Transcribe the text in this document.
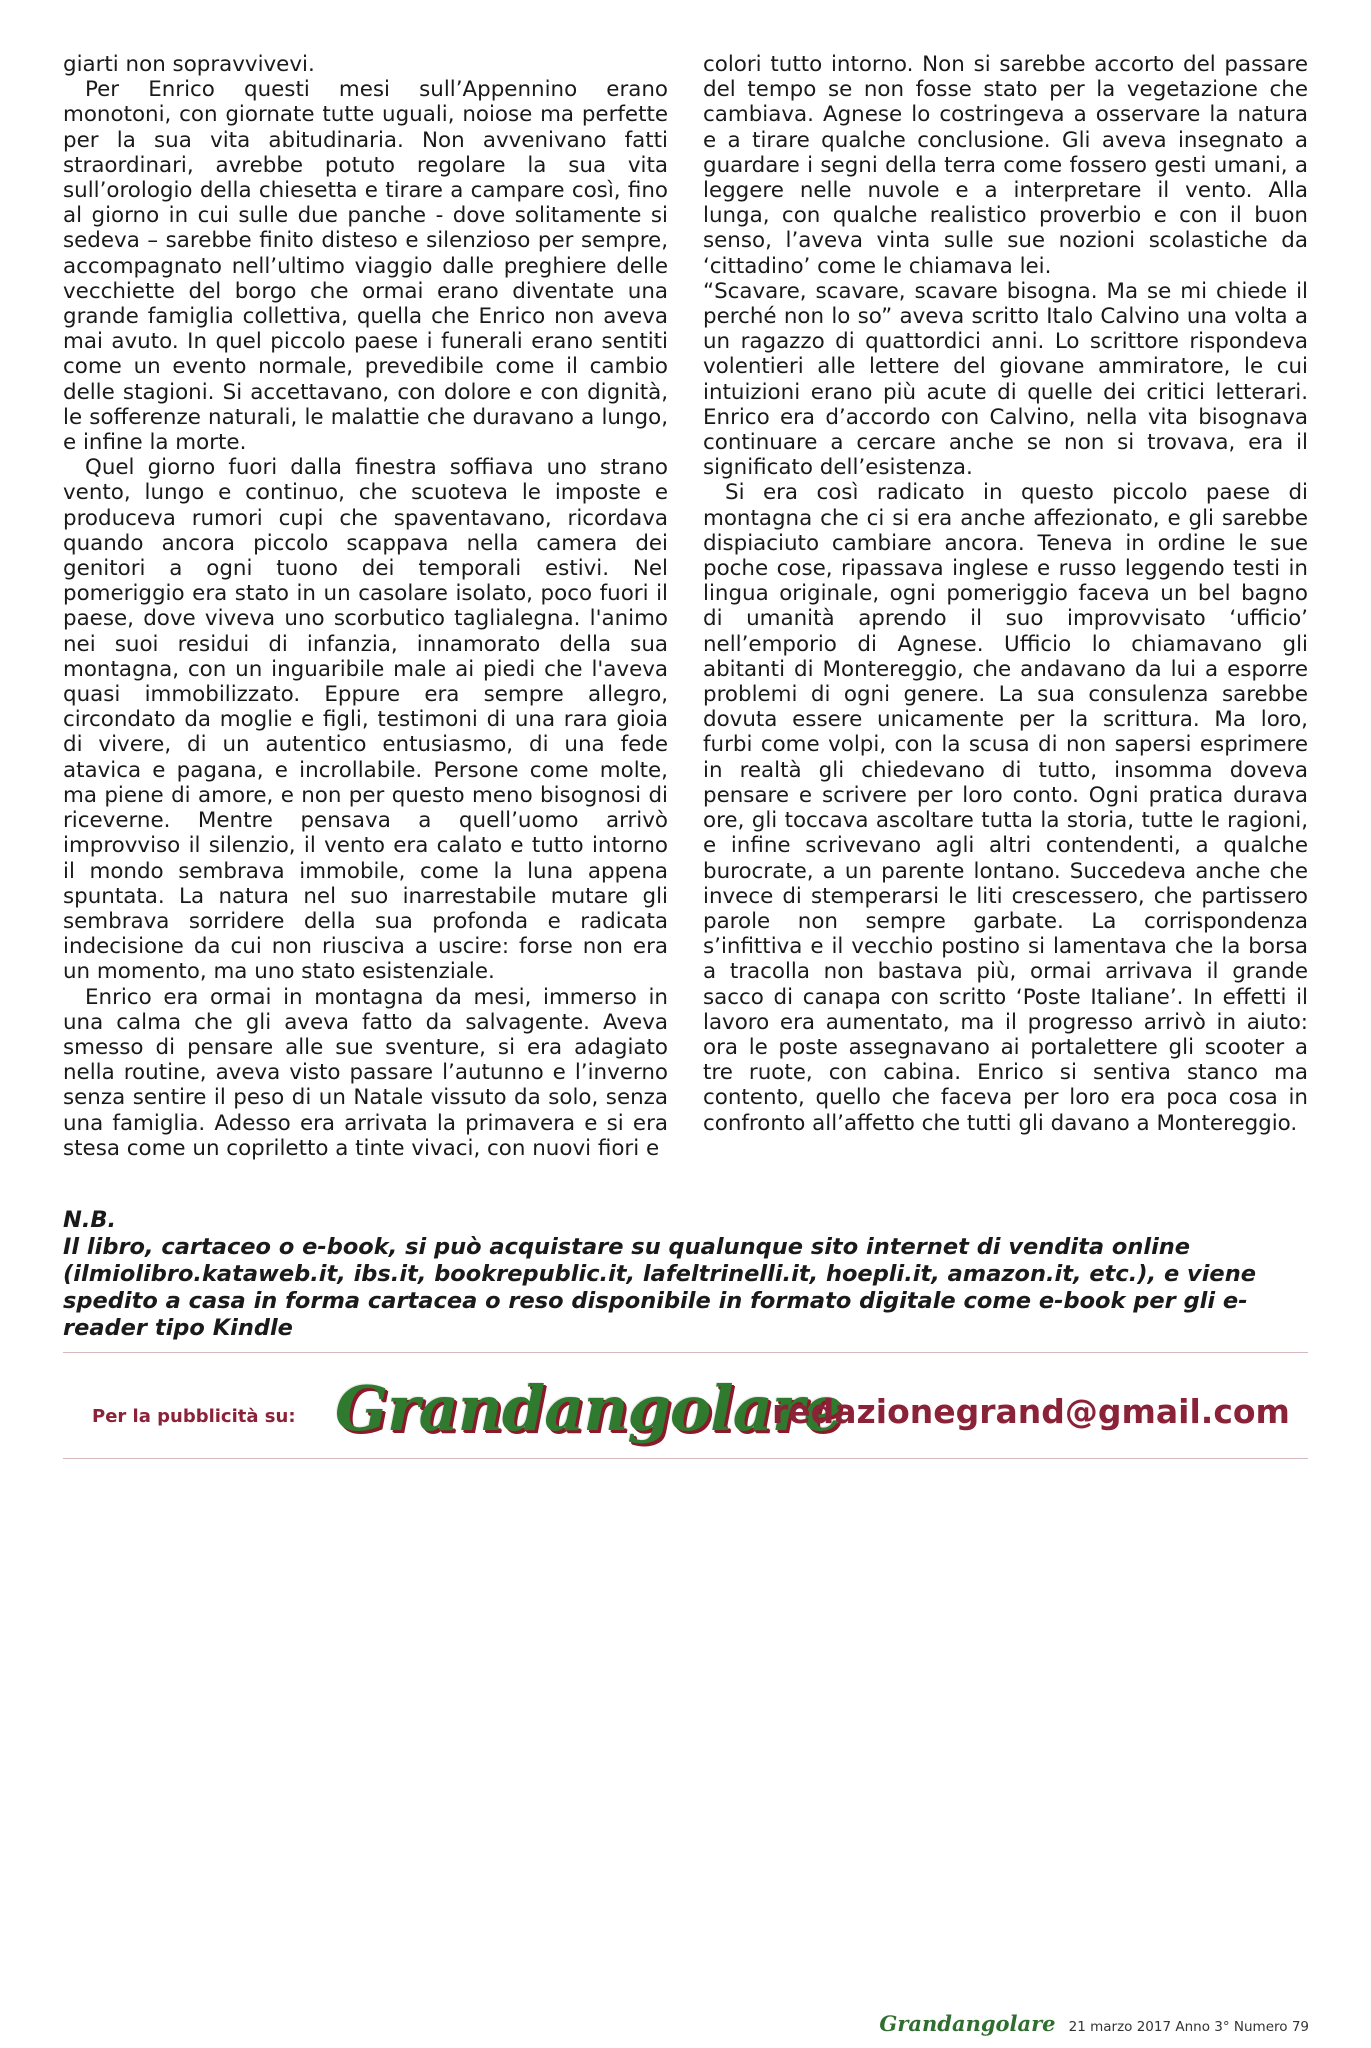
giarti non sopravvivevi.

Per Enrico questi mesi sull’Appennino erano monotoni, con giornate tutte uguali, noiose ma perfette per la sua vita abitudinaria. Non avvenivano fatti straordinari, avrebbe potuto regolare la sua vita sull’orologio della chiesetta e tirare a campare così, fino al giorno in cui sulle due panche - dove solitamente si sedeva – sarebbe finito disteso e silenzioso per sempre, accompagnato nell’ultimo viaggio dalle preghiere delle vecchiette del borgo che ormai erano diventate una grande famiglia collettiva, quella che Enrico non aveva mai avuto. In quel piccolo paese i funerali erano sentiti come un evento normale, prevedibile come il cambio delle stagioni. Si accettavano, con dolore e con dignità, le sofferenze naturali, le malattie che duravano a lungo, e infine la morte.

Quel giorno fuori dalla finestra soffiava uno strano vento, lungo e continuo, che scuoteva le imposte e produceva rumori cupi che spaventavano, ricordava quando ancora piccolo scappava nella camera dei genitori a ogni tuono dei temporali estivi. Nel pomeriggio era stato in un casolare isolato, poco fuori il paese, dove viveva uno scorbutico taglialegna. l'animo nei suoi residui di infanzia, innamorato della sua montagna, con un inguaribile male ai piedi che l'aveva quasi immobilizzato. Eppure era sempre allegro, circondato da moglie e figli, testimoni di una rara gioia di vivere, di un autentico entusiasmo, di una fede atavica e pagana, e incrollabile. Persone come molte, ma piene di amore, e non per questo meno bisognosi di riceverne. Mentre pensava a quell’uomo arrivò improvviso il silenzio, il vento era calato e tutto intorno il mondo sembrava immobile, come la luna appena spuntata. La natura nel suo inarrestabile mutare gli sembrava sorridere della sua profonda e radicata indecisione da cui non riusciva a uscire: forse non era un momento, ma uno stato esistenziale.

Enrico era ormai in montagna da mesi, immerso in una calma che gli aveva fatto da salvagente. Aveva smesso di pensare alle sue sventure, si era adagiato nella routine, aveva visto passare l’autunno e l’inverno senza sentire il peso di un Natale vissuto da solo, senza una famiglia. Adesso era arrivata la primavera e si era stesa come un copriletto a tinte vivaci, con nuovi fiori e

colori tutto intorno. Non si sarebbe accorto del passare del tempo se non fosse stato per la vegetazione che cambiava. Agnese lo costringeva a osservare la natura e a tirare qualche conclusione. Gli aveva insegnato a guardare i segni della terra come fossero gesti umani, a leggere nelle nuvole e a interpretare il vento. Alla lunga, con qualche realistico proverbio e con il buon senso, l’aveva vinta sulle sue nozioni scolastiche da ‘cittadino’ come le chiamava lei.

“Scavare, scavare, scavare bisogna. Ma se mi chiede il perché non lo so” aveva scritto Italo Calvino una volta a un ragazzo di quattordici anni. Lo scrittore rispondeva volentieri alle lettere del giovane ammiratore, le cui intuizioni erano più acute di quelle dei critici letterari. Enrico era d’accordo con Calvino, nella vita bisognava continuare a cercare anche se non si trovava, era il significato dell’esistenza.

Si era così radicato in questo piccolo paese di montagna che ci si era anche affezionato, e gli sarebbe dispiaciuto cambiare ancora. Teneva in ordine le sue poche cose, ripassava inglese e russo leggendo testi in lingua originale, ogni pomeriggio faceva un bel bagno di umanità aprendo il suo improvvisato ‘ufficio’ nell’emporio di Agnese. Ufficio lo chiamavano gli abitanti di Montereggio, che andavano da lui a esporre problemi di ogni genere. La sua consulenza sarebbe dovuta essere unicamente per la scrittura. Ma loro, furbi come volpi, con la scusa di non sapersi esprimere in realtà gli chiedevano di tutto, insomma doveva pensare e scrivere per loro conto. Ogni pratica durava ore, gli toccava ascoltare tutta la storia, tutte le ragioni, e infine scrivevano agli altri contendenti, a qualche burocrate, a un parente lontano. Succedeva anche che invece di stemperarsi le liti crescessero, che partissero parole non sempre garbate. La corrispondenza s’infittiva e il vecchio postino si lamentava che la borsa a tracolla non bastava più, ormai arrivava il grande sacco di canapa con scritto ‘Poste Italiane’. In effetti il lavoro era aumentato, ma il progresso arrivò in aiuto: ora le poste assegnavano ai portalettere gli scooter a tre ruote, con cabina. Enrico si sentiva stanco ma contento, quello che faceva per loro era poca cosa in confronto all’affetto che tutti gli davano a Montereggio.

N.B.

Il libro, cartaceo o e-book, si può acquistare su qualunque sito internet di vendita online (ilmiolibro.kataweb.it, ibs.it, bookrepublic.it, lafeltrinelli.it, hoepli.it, amazon.it, etc.), e viene spedito a casa in forma cartacea o reso disponibile in formato digitale come e-book per gli e-reader tipo Kindle

Per la pubblicità su: Grandangolare
redazionegrand@gmail.com
Grandangolare 21 marzo 2017 Anno 3° Numero 79
